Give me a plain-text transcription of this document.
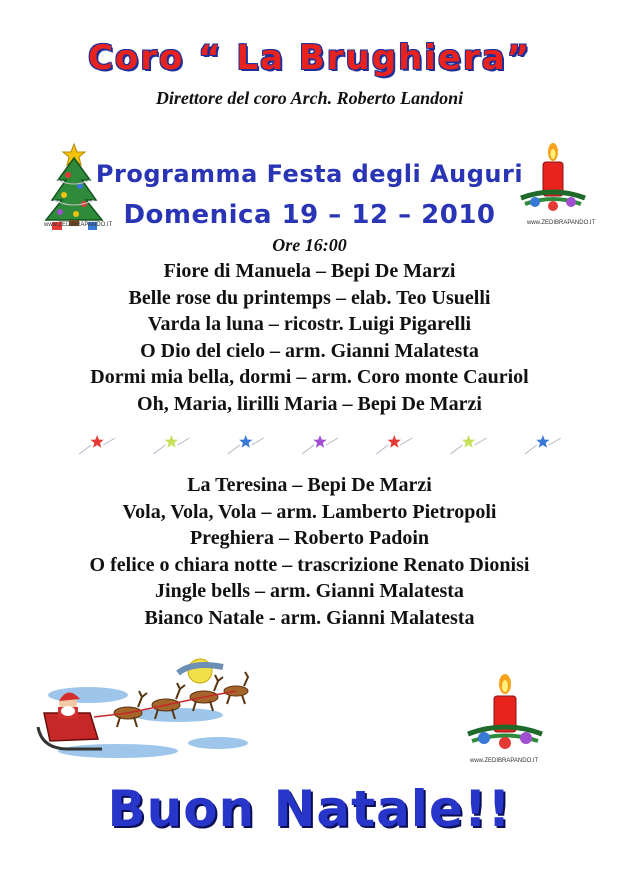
Coro “ La Brughiera”
Direttore del coro Arch. Roberto Landoni
www.ZEDIBRAPANDO.IT	www.ZEDIBRAPANDO.IT
Programma Festa degli Auguri
Domenica 19 – 12 – 2010
Ore 16:00
Fiore di Manuela – Bepi De Marzi
Belle rose du printemps – elab. Teo Usuelli
Varda la luna – ricostr. Luigi Pigarelli
O Dio del cielo – arm. Gianni Malatesta
Dormi mia bella, dormi – arm. Coro monte Cauriol
Oh, Maria, lirilli Maria – Bepi De Marzi
La Teresina – Bepi De Marzi
Vola, Vola, Vola – arm. Lamberto Pietropoli
Preghiera – Roberto Padoin
O felice o chiara notte – trascrizione Renato Dionisi
Jingle bells – arm. Gianni Malatesta
Bianco Natale - arm. Gianni Malatesta
www.ZEDIBRAPANDO.IT
Buon Natale!!
